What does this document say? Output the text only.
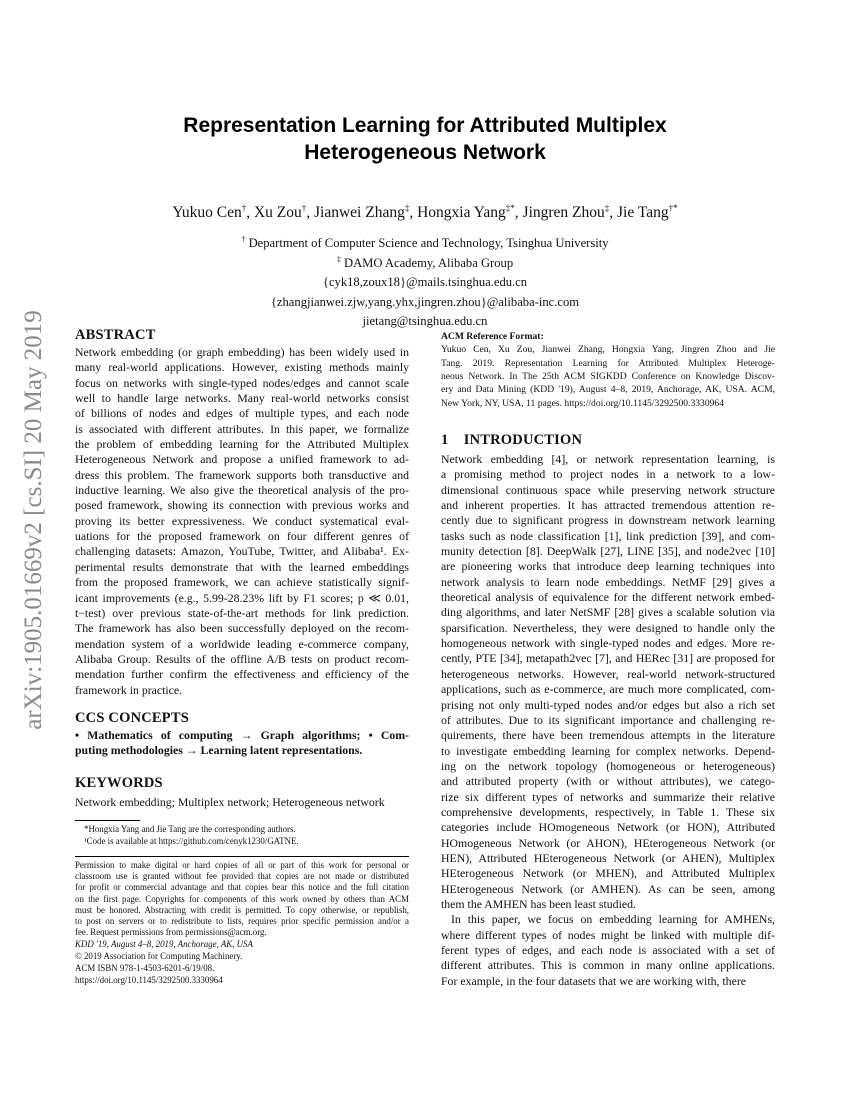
arXiv:1905.01669v2 [cs.SI] 20 May 2019
Representation Learning for Attributed Multiplex
Heterogeneous Network
Yukuo Cen†, Xu Zou†, Jianwei Zhang‡, Hongxia Yang‡*, Jingren Zhou‡, Jie Tang†*
† Department of Computer Science and Technology, Tsinghua University
‡ DAMO Academy, Alibaba Group
{cyk18,zoux18}@mails.tsinghua.edu.cn
{zhangjianwei.zjw,yang.yhx,jingren.zhou}@alibaba-inc.com
jietang@tsinghua.edu.cn
ABSTRACT
Network embedding (or graph embedding) has been widely used in
many real-world applications. However, existing methods mainly
focus on networks with single-typed nodes/edges and cannot scale
well to handle large networks. Many real-world networks consist
of billions of nodes and edges of multiple types, and each node
is associated with different attributes. In this paper, we formalize
the problem of embedding learning for the Attributed Multiplex
Heterogeneous Network and propose a unified framework to ad-
dress this problem. The framework supports both transductive and
inductive learning. We also give the theoretical analysis of the pro-
posed framework, showing its connection with previous works and
proving its better expressiveness. We conduct systematical eval-
uations for the proposed framework on four different genres of
challenging datasets: Amazon, YouTube, Twitter, and Alibaba¹. Ex-
perimental results demonstrate that with the learned embeddings
from the proposed framework, we can achieve statistically signif-
icant improvements (e.g., 5.99-28.23% lift by F1 scores; p ≪ 0.01,
t−test) over previous state-of-the-art methods for link prediction.
The framework has also been successfully deployed on the recom-
mendation system of a worldwide leading e-commerce company,
Alibaba Group. Results of the offline A/B tests on product recom-
mendation further confirm the effectiveness and efficiency of the
framework in practice.
CCS CONCEPTS
• Mathematics of computing → Graph algorithms; • Com-
puting methodologies → Learning latent representations.
KEYWORDS
Network embedding; Multiplex network; Heterogeneous network
*Hongxia Yang and Jie Tang are the corresponding authors.
¹Code is available at https://github.com/cenyk1230/GATNE.
Permission to make digital or hard copies of all or part of this work for personal or
classroom use is granted without fee provided that copies are not made or distributed
for profit or commercial advantage and that copies bear this notice and the full citation
on the first page. Copyrights for components of this work owned by others than ACM
must be honored. Abstracting with credit is permitted. To copy otherwise, or republish,
to post on servers or to redistribute to lists, requires prior specific permission and/or a
fee. Request permissions from permissions@acm.org.
KDD '19, August 4–8, 2019, Anchorage, AK, USA
© 2019 Association for Computing Machinery.
ACM ISBN 978-1-4503-6201-6/19/08.
https://doi.org/10.1145/3292500.3330964
ACM Reference Format:
Yukuo Cen, Xu Zou, Jianwei Zhang, Hongxia Yang, Jingren Zhou and Jie
Tang. 2019. Representation Learning for Attributed Multiplex Heteroge-
neous Network. In The 25th ACM SIGKDD Conference on Knowledge Discov-
ery and Data Mining (KDD '19), August 4–8, 2019, Anchorage, AK, USA. ACM,
New York, NY, USA, 11 pages. https://doi.org/10.1145/3292500.3330964
1    INTRODUCTION
Network embedding [4], or network representation learning, is
a promising method to project nodes in a network to a low-
dimensional continuous space while preserving network structure
and inherent properties. It has attracted tremendous attention re-
cently due to significant progress in downstream network learning
tasks such as node classification [1], link prediction [39], and com-
munity detection [8]. DeepWalk [27], LINE [35], and node2vec [10]
are pioneering works that introduce deep learning techniques into
network analysis to learn node embeddings. NetMF [29] gives a
theoretical analysis of equivalence for the different network embed-
ding algorithms, and later NetSMF [28] gives a scalable solution via
sparsification. Nevertheless, they were designed to handle only the
homogeneous network with single-typed nodes and edges. More re-
cently, PTE [34], metapath2vec [7], and HERec [31] are proposed for
heterogeneous networks. However, real-world network-structured
applications, such as e-commerce, are much more complicated, com-
prising not only multi-typed nodes and/or edges but also a rich set
of attributes. Due to its significant importance and challenging re-
quirements, there have been tremendous attempts in the literature
to investigate embedding learning for complex networks. Depend-
ing on the network topology (homogeneous or heterogeneous)
and attributed property (with or without attributes), we catego-
rize six different types of networks and summarize their relative
comprehensive developments, respectively, in Table 1. These six
categories include HOmogeneous Network (or HON), Attributed
HOmogeneous Network (or AHON), HEterogeneous Network (or
HEN), Attributed HEterogeneous Network (or AHEN), Multiplex
HEterogeneous Network (or MHEN), and Attributed Multiplex
HEterogeneous Network (or AMHEN). As can be seen, among
them the AMHEN has been least studied.
In this paper, we focus on embedding learning for AMHENs,
where different types of nodes might be linked with multiple dif-
ferent types of edges, and each node is associated with a set of
different attributes. This is common in many online applications.
For example, in the four datasets that we are working with, there
